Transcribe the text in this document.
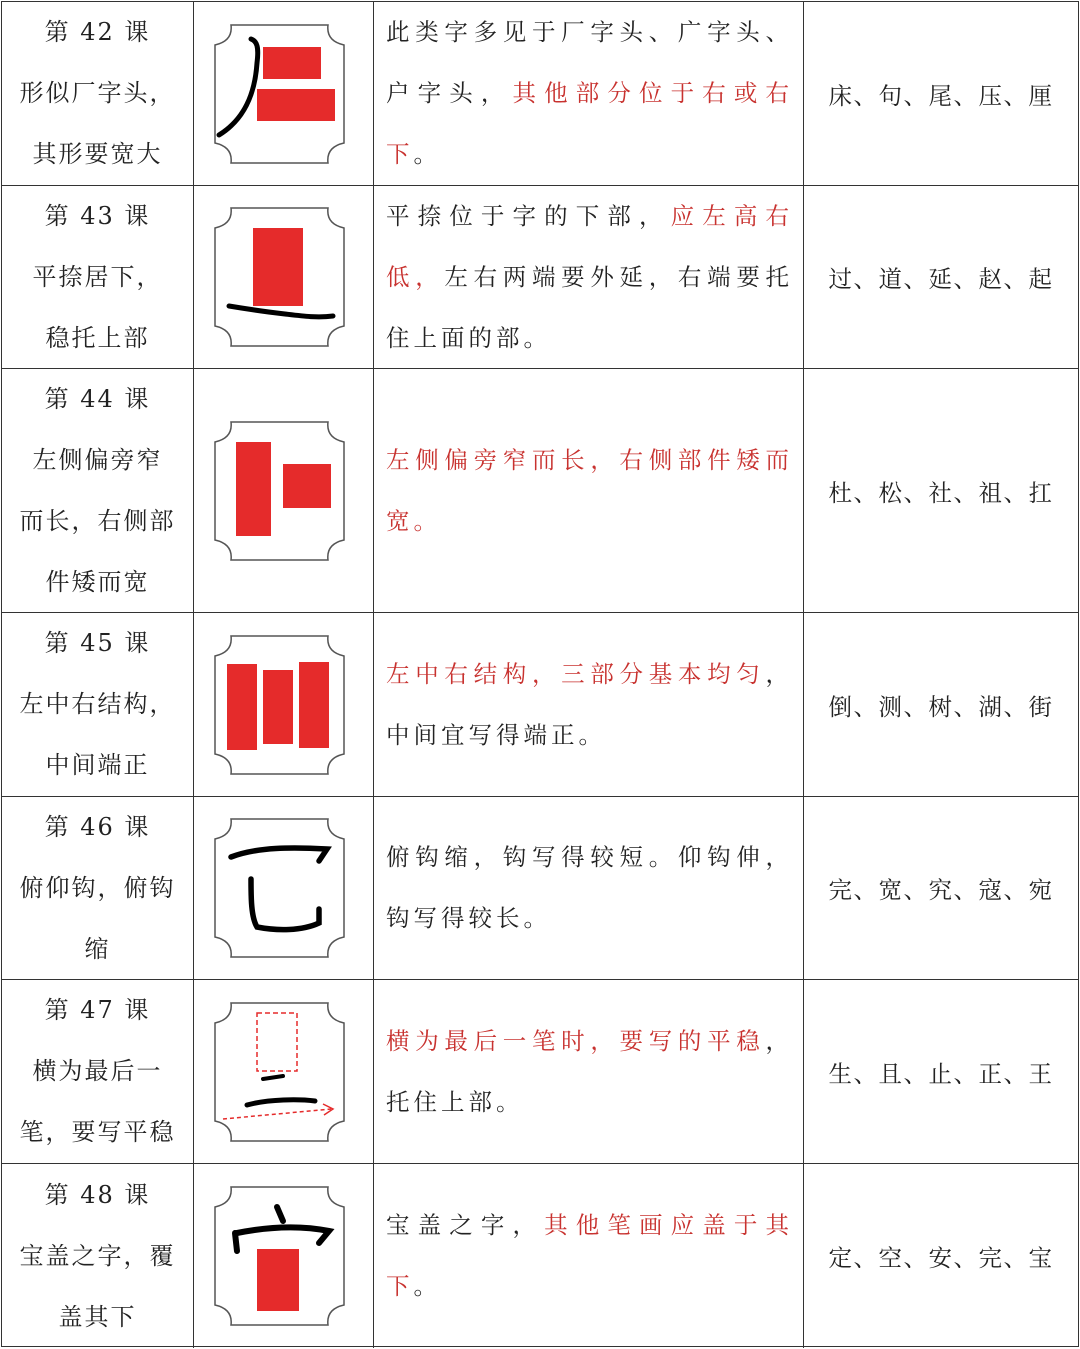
第 42 课
形似厂字头，
其形要宽大

此类字多见于厂字头、广字头、户字头，其他部分位于右或右下。

床、句、尾、压、厘
第 43 课
平捺居下，
稳托上部

平捺位于字的下部，应左高右低，左右两端要外延，右端要托住上面的部。

过、道、延、赵、起
第 44 课
左侧偏旁窄
而长，右侧部
件矮而宽

左侧偏旁窄而长，右侧部件矮而宽。

杜、松、社、祖、扛
第 45 课
左中右结构，
中间端正

左中右结构，三部分基本均匀，中间宜写得端正。

倒、测、树、湖、街
第 46 课
俯仰钩，俯钩
缩

俯钩缩，钩写得较短。仰钩伸，钩写得较长。

完、宽、究、寇、宛
第 47 课
横为最后一
笔，要写平稳

横为最后一笔时，要写的平稳，托住上部。

生、且、止、正、王
第 48 课
宝盖之字，覆
盖其下

宝盖之字，其他笔画应盖于其下。

定、空、安、完、宝
